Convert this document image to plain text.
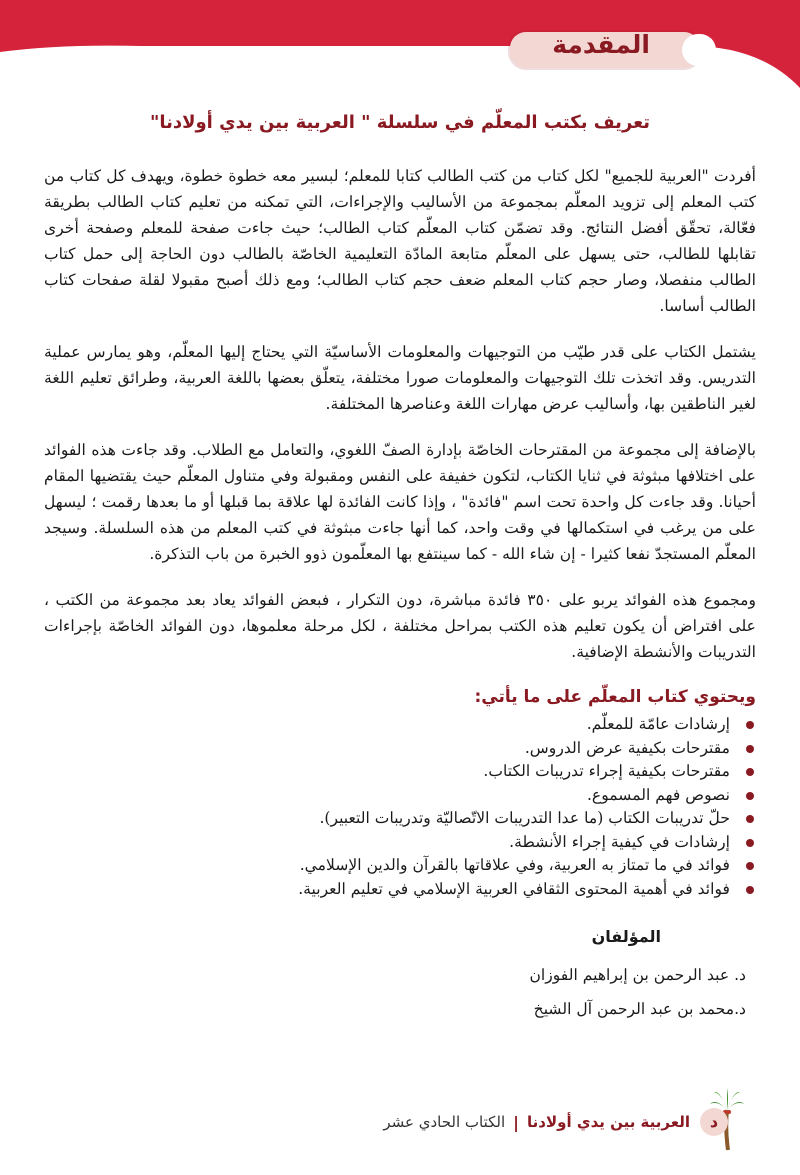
المقدمة
تعريف بكتب المعلّم في سلسلة " العربية بين يدي أولادنا"

أفردت "العربية للجميع" لكل كتاب من كتب الطالب كتابا للمعلم؛ لبسير معه خطوة خطوة، ويهدف كل كتاب من كتب المعلم إلى تزويد المعلّم بمجموعة من الأساليب والإجراءات، التي تمكنه من تعليم كتاب الطالب بطريقة فعّالة، تحقّق أفضل النتائج. وقد تضمّن كتاب المعلّم كتاب الطالب؛ حيث جاءت صفحة للمعلم وصفحة أخرى تقابلها للطالب، حتى يسهل على المعلّم متابعة المادّة التعليمية الخاصّة بالطالب دون الحاجة إلى حمل كتاب الطالب منفصلا، وصار حجم كتاب المعلم ضعف حجم كتاب الطالب؛ ومع ذلك أصبح مقبولا لقلة صفحات كتاب الطالب أساسا.

يشتمل الكتاب على قدر طيّب من التوجيهات والمعلومات الأساسيّة التي يحتاج إليها المعلّم، وهو يمارس عملية التدريس. وقد اتخذت تلك التوجيهات والمعلومات صورا مختلفة، يتعلّق بعضها باللغة العربية، وطرائق تعليم اللغة لغير الناطقين بها، وأساليب عرض مهارات اللغة وعناصرها المختلفة.

بالإضافة إلى مجموعة من المقترحات الخاصّة بإدارة الصفّ اللغوي، والتعامل مع الطلاب. وقد جاءت هذه الفوائد على اختلافها مبثوثة في ثنايا الكتاب، لتكون خفيفة على النفس ومقبولة وفي متناول المعلّم حيث يقتضيها المقام أحيانا. وقد جاءت كل واحدة تحت اسم "فائدة" ، وإذا كانت الفائدة لها علاقة بما قبلها أو ما بعدها رقمت ؛ ليسهل على من يرغب في استكمالها في وقت واحد، كما أنها جاءت مبثوثة في كتب المعلم من هذه السلسلة. وسيجد المعلّم المستجدّ نفعا كثيرا - إن شاء الله - كما سينتفع بها المعلّمون ذوو الخبرة من باب التذكرة.

ومجموع هذه الفوائد يربو على ٣٥٠ فائدة مباشرة، دون التكرار ، فبعض الفوائد يعاد بعد مجموعة من الكتب ، على افتراض أن يكون تعليم هذه الكتب بمراحل مختلفة ، لكل مرحلة معلموها، دون الفوائد الخاصّة بإجراءات التدريبات والأنشطة الإضافية.

ويحتوي كتاب المعلّم على ما يأتي:
إرشادات عامّة للمعلّم.
مقترحات بكيفية عرض الدروس.
مقترحات بكيفية إجراء تدريبات الكتاب.
نصوص فهم المسموع.
حلّ تدريبات الكتاب (ما عدا التدريبات الاتّصاليّة وتدريبات التعبير).
إرشادات في كيفية إجراء الأنشطة.
فوائد في ما تمتاز به العربية، وفي علاقاتها بالقرآن والدين الإسلامي.
فوائد في أهمية المحتوى الثقافي العربية الإسلامي في تعليم العربية.
المؤلفان
د. عبد الرحمن بن إبراهيم الفوزان
د.محمد بن عبد الرحمن آل الشيخ
د
العربية بين يدي أولادنا
|
الكتاب الحادي عشر
